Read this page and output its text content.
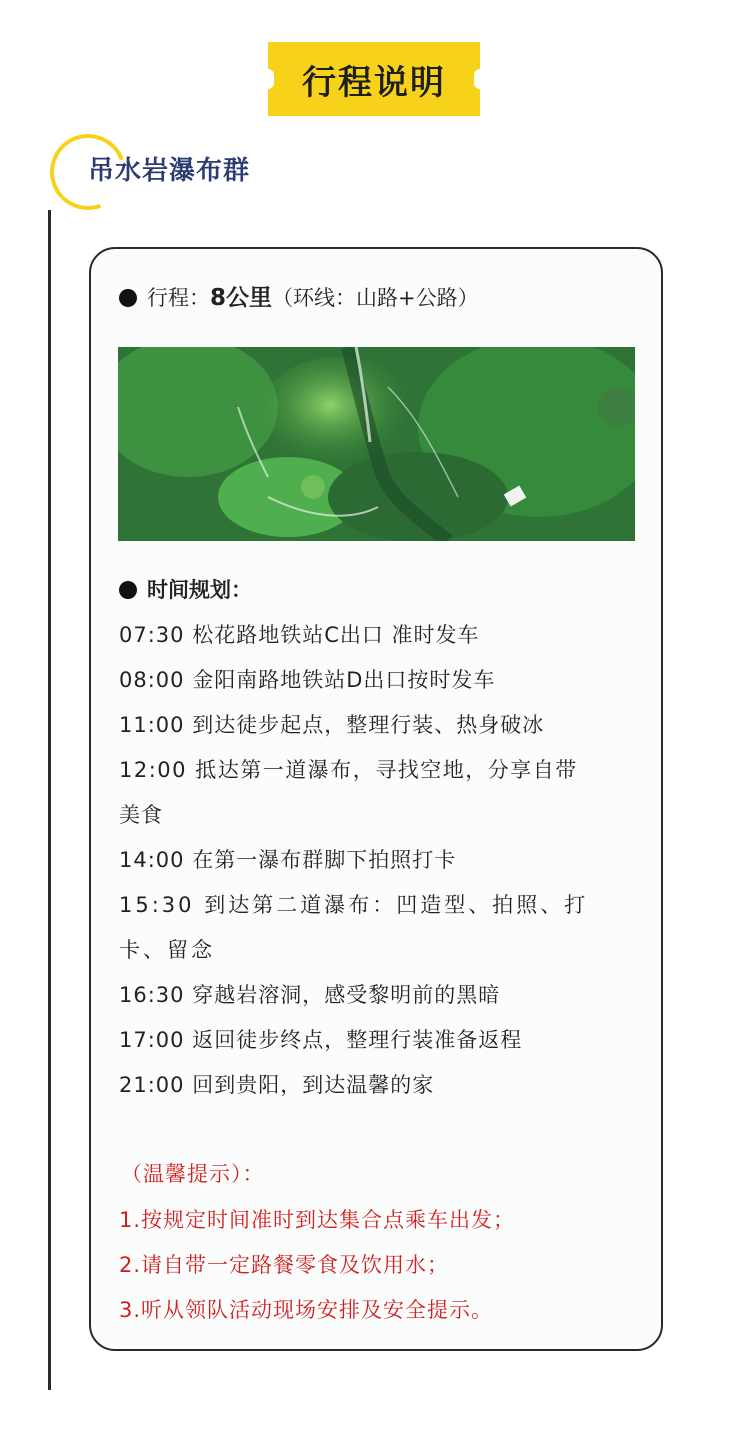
行程说明
吊水岩瀑布群
行程：8公里（环线：山路+公路）
时间规划：
07:30 松花路地铁站C出口 准时发车
08:00 金阳南路地铁站D出口按时发车
11:00 到达徒步起点，整理行装、热身破冰
12:00 抵达第一道瀑布，寻找空地，分享自带
美食
14:00 在第一瀑布群脚下拍照打卡
15:30 到达第二道瀑布：凹造型、拍照、打
卡、留念
16:30 穿越岩溶洞，感受黎明前的黑暗
17:00 返回徒步终点，整理行装准备返程
21:00 回到贵阳，到达温馨的家
（温馨提示）：
1.按规定时间准时到达集合点乘车出发；
2.请自带一定路餐零食及饮用水；
3.听从领队活动现场安排及安全提示。
